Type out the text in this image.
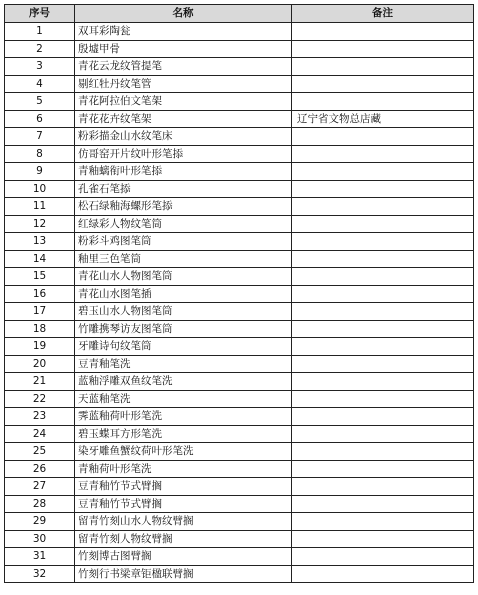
序号	名称	备注
1	双耳彩陶瓮	
2	殷墟甲骨	
3	青花云龙纹管提笔	
4	剔红牡丹纹笔管	
5	青花阿拉伯文笔架	
6	青花花卉纹笔架	辽宁省文物总店藏
7	粉彩描金山水纹笔床	
8	仿哥窑开片纹叶形笔掭	
9	青釉螭衔叶形笔掭	
10	孔雀石笔掭	
11	松石绿釉海螺形笔掭	
12	红绿彩人物纹笔筒	
13	粉彩斗鸡图笔筒	
14	釉里三色笔筒	
15	青花山水人物图笔筒	
16	青花山水图笔插	
17	碧玉山水人物图笔筒	
18	竹雕携琴访友图笔筒	
19	牙雕诗句纹笔筒	
20	豆青釉笔洗	
21	蓝釉浮雕双鱼纹笔洗	
22	天蓝釉笔洗	
23	霁蓝釉荷叶形笔洗	
24	碧玉蝶耳方形笔洗	
25	染牙雕鱼蟹纹荷叶形笔洗	
26	青釉荷叶形笔洗	
27	豆青釉竹节式臂搁	
28	豆青釉竹节式臂搁	
29	留青竹刻山水人物纹臂搁	
30	留青竹刻人物纹臂搁	
31	竹刻博古图臂搁	
32	竹刻行书梁章钜楹联臂搁	
